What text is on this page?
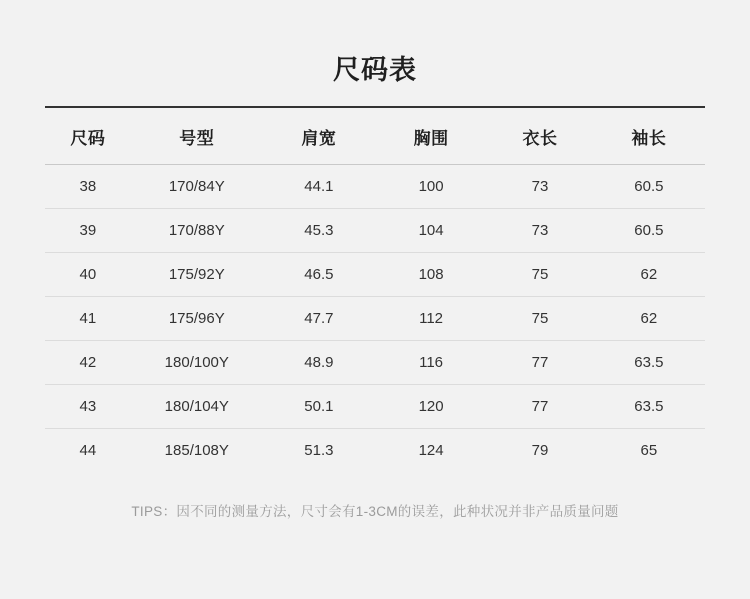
尺码表
尺码	号型	肩宽	胸围	衣长	袖长
38	170/84Y	44.1	100	73	60.5
39	170/88Y	45.3	104	73	60.5
40	175/92Y	46.5	108	75	62
41	175/96Y	47.7	112	75	62
42	180/100Y	48.9	116	77	63.5
43	180/104Y	50.1	120	77	63.5
44	185/108Y	51.3	124	79	65
TIPS：因不同的测量方法，尺寸会有1-3CM的误差，此种状况并非产品质量问题
